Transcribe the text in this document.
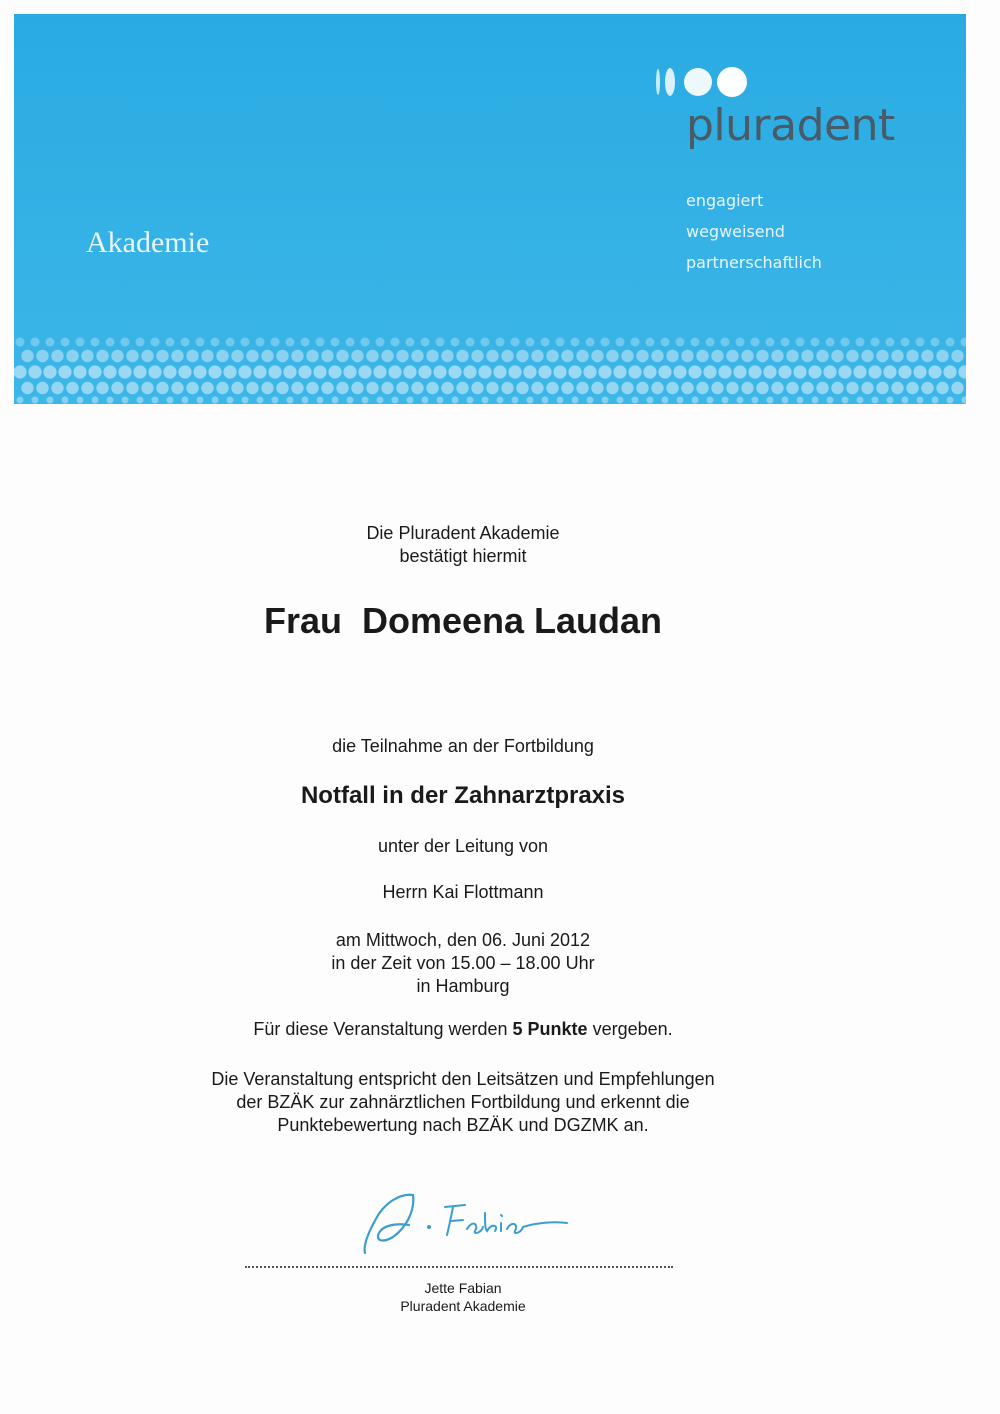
pluradent
engagiert
wegweisend
partnerschaftlich
Akademie
Die Pluradent Akademie
bestätigt hiermit
Frau  Domeena Laudan
die Teilnahme an der Fortbildung
Notfall in der Zahnarztpraxis
unter der Leitung von
Herrn Kai Flottmann
am Mittwoch, den 06. Juni 2012
in der Zeit von 15.00 – 18.00 Uhr
in Hamburg
Für diese Veranstaltung werden 5 Punkte vergeben.
Die Veranstaltung entspricht den Leitsätzen und Empfehlungen
der BZÄK zur zahnärztlichen Fortbildung und erkennt die
Punktebewertung nach BZÄK und DGZMK an.
Jette Fabian
Pluradent Akademie
